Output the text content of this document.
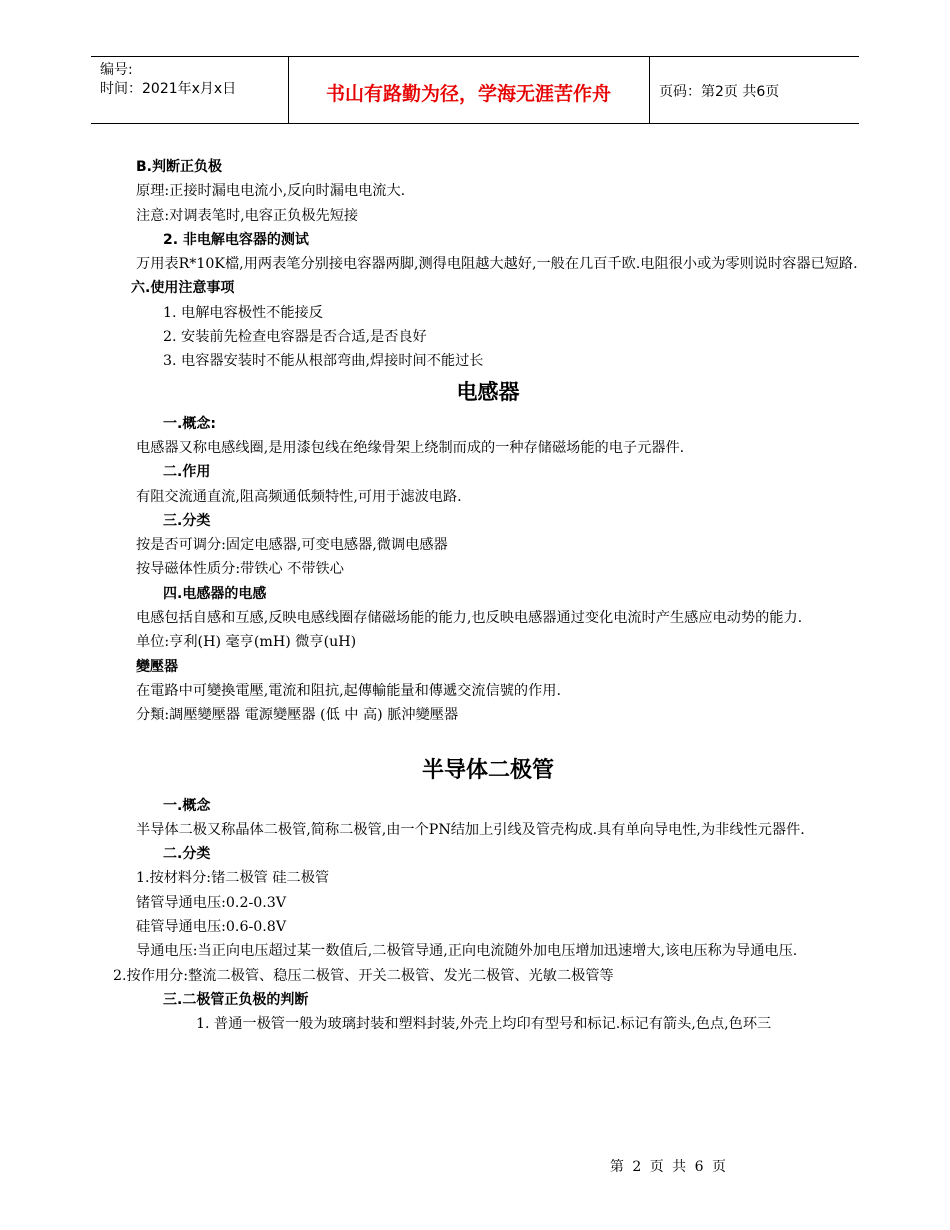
编号:
时间：2021年x月x日	书山有路勤为径，学海无涯苦作舟	页码：第2页 共6页

B.判断正负极

原理:正接时漏电电流小,反向时漏电电流大.

注意:对调表笔时,电容正负极先短接

2. 非电解电容器的测试

万用表R*10K檔,用两表笔分别接电容器两脚,测得电阻越大越好,一般在几百千欧.电阻很小或为零则说时容器已短路.

六.使用注意事项

1. 电解电容极性不能接反

2. 安装前先检查电容器是否合适,是否良好

3. 电容器安装时不能从根部弯曲,焊接时间不能过长

电感器

一.概念:

电感器又称电感线圈,是用漆包线在绝缘骨架上绕制而成的一种存储磁场能的电子元器件.

二.作用

有阻交流通直流,阻高频通低频特性,可用于滤波电路.

三.分类

按是否可调分:固定电感器,可变电感器,微调电感器

按导磁体性质分:带铁心 不带铁心

四.电感器的电感

电感包括自感和互感,反映电感线圈存储磁场能的能力,也反映电感器通过变化电流时产生感应电动势的能力.

单位:亨利(H) 毫亨(mH) 微亨(uH)

變壓器

在電路中可變換電壓,電流和阻抗,起傳輸能量和傳遞交流信號的作用.

分類:調壓變壓器 電源變壓器 (低 中 高) 脈沖變壓器

半导体二极管

一.概念

半导体二极又称晶体二极管,简称二极管,由一个PN结加上引线及管壳构成.具有单向导电性,为非线性元器件.

二.分类

1.按材料分:锗二极管 硅二极管

锗管导通电压:0.2-0.3V

硅管导通电压:0.6-0.8V

导通电压:当正向电压超过某一数值后,二极管导通,正向电流随外加电压增加迅速增大,该电压称为导通电压.

2.按作用分:整流二极管、稳压二极管、开关二极管、发光二极管、光敏二极管等

三.二极管正负极的判断

1. 普通一极管一般为玻璃封装和塑料封装,外壳上均印有型号和标记.标记有箭头,色点,色环三

第 2 页 共 6 页
